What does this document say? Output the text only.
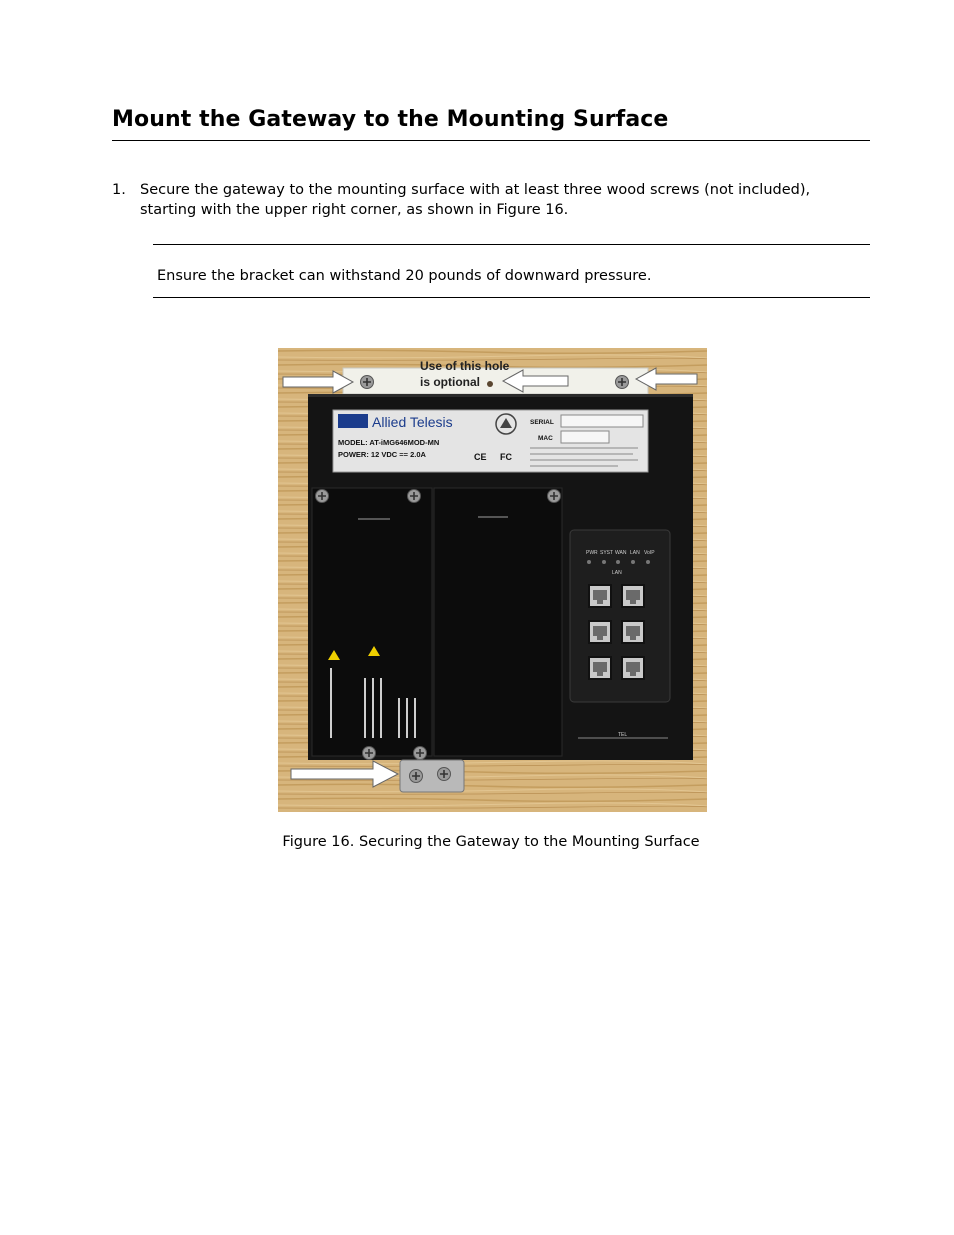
Mount the Gateway to the Mounting Surface
1. Secure the gateway to the mounting surface with at least three wood screws (not included), starting with the upper right corner, as shown in Figure 16.
Ensure the bracket can withstand 20 pounds of downward pressure.
Use of this hole
is optional
Allied Telesis
MODEL: AT-iMG646MOD-MN
POWER: 12 VDC == 2.0A
SERIAL
MAC
CE FC
PWR SYST WAN LAN VoIP
LAN
TEL
Figure 16. Securing the Gateway to the Mounting Surface
